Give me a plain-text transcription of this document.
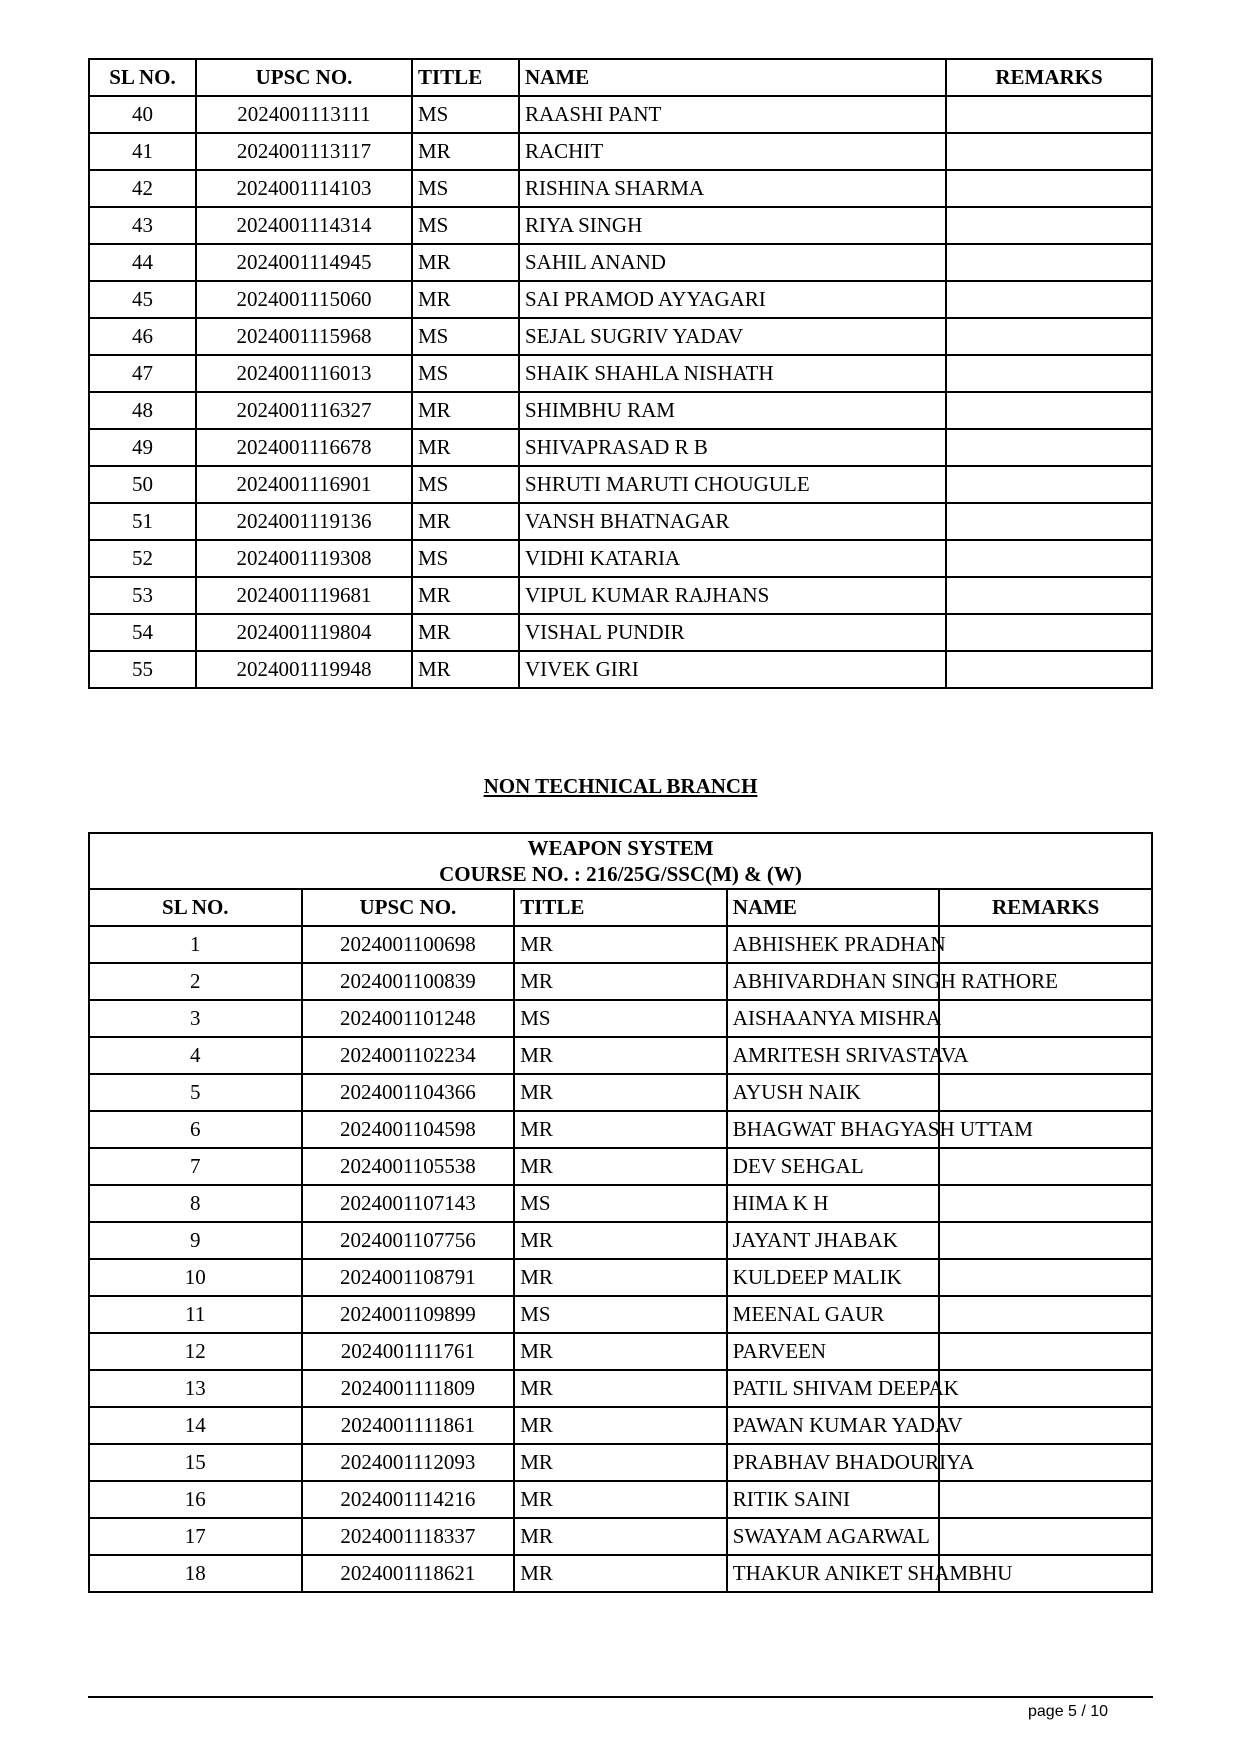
SL NO.	UPSC NO.	TITLE	NAME	REMARKS
40	2024001113111	MS	RAASHI PANT	
41	2024001113117	MR	RACHIT	
42	2024001114103	MS	RISHINA SHARMA	
43	2024001114314	MS	RIYA SINGH	
44	2024001114945	MR	SAHIL ANAND	
45	2024001115060	MR	SAI PRAMOD AYYAGARI	
46	2024001115968	MS	SEJAL SUGRIV YADAV	
47	2024001116013	MS	SHAIK SHAHLA NISHATH	
48	2024001116327	MR	SHIMBHU RAM	
49	2024001116678	MR	SHIVAPRASAD R B	
50	2024001116901	MS	SHRUTI MARUTI CHOUGULE	
51	2024001119136	MR	VANSH BHATNAGAR	
52	2024001119308	MS	VIDHI KATARIA	
53	2024001119681	MR	VIPUL KUMAR RAJHANS	
54	2024001119804	MR	VISHAL PUNDIR	
55	2024001119948	MR	VIVEK GIRI	
NON TECHNICAL BRANCH
WEAPON SYSTEM
COURSE NO. : 216/25G/SSC(M) & (W)				

SL NO.	UPSC NO.	TITLE	NAME	REMARKS
1	2024001100698	MR	ABHISHEK PRADHAN	
2	2024001100839	MR	ABHIVARDHAN SINGH RATHORE	
3	2024001101248	MS	AISHAANYA MISHRA	
4	2024001102234	MR	AMRITESH SRIVASTAVA	
5	2024001104366	MR	AYUSH NAIK	
6	2024001104598	MR	BHAGWAT BHAGYASH UTTAM	
7	2024001105538	MR	DEV SEHGAL	
8	2024001107143	MS	HIMA K H	
9	2024001107756	MR	JAYANT JHABAK	
10	2024001108791	MR	KULDEEP MALIK	
11	2024001109899	MS	MEENAL GAUR	
12	2024001111761	MR	PARVEEN	
13	2024001111809	MR	PATIL SHIVAM DEEPAK	
14	2024001111861	MR	PAWAN KUMAR YADAV	
15	2024001112093	MR	PRABHAV BHADOURIYA	
16	2024001114216	MR	RITIK SAINI	
17	2024001118337	MR	SWAYAM AGARWAL	
18	2024001118621	MR	THAKUR ANIKET SHAMBHU	
page 5 / 10
